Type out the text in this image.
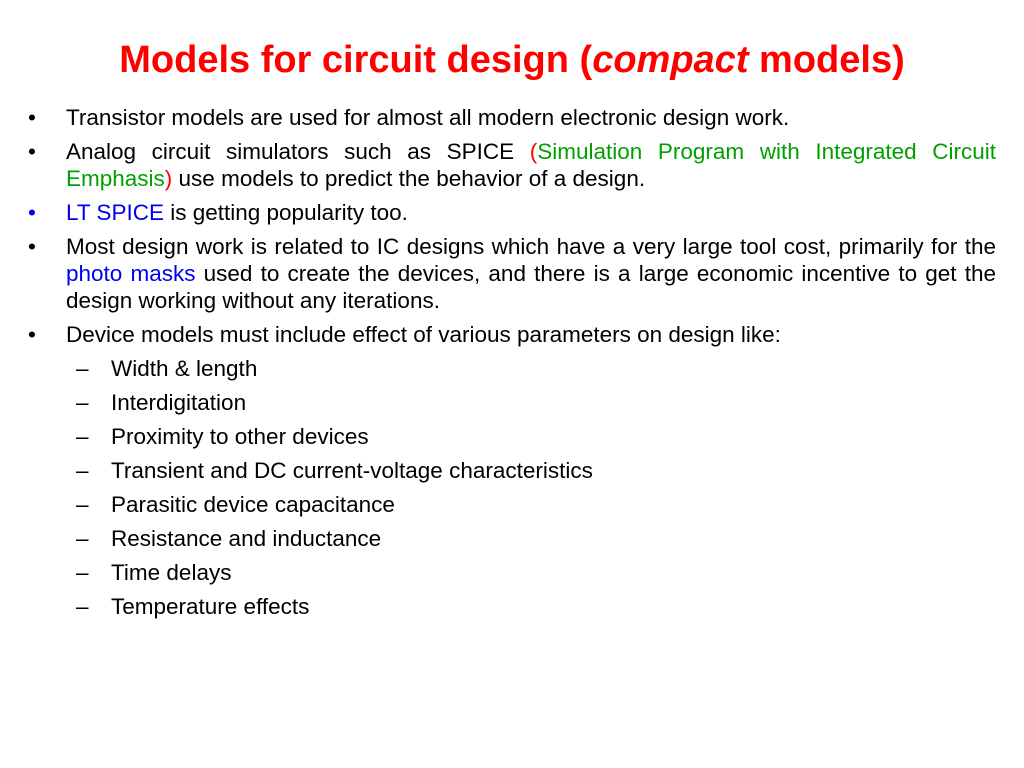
Models for circuit design (compact models)
•	Transistor models are used for almost all modern electronic design work.
•	Analog circuit simulators such as SPICE (Simulation Program with Integrated Circuit Emphasis) use models to predict the behavior of a design.
•	LT SPICE is getting popularity too.
•	Most design work is related to IC designs which have a very large tool cost, primarily for the photo masks used to create the devices, and there is a large economic incentive to get the design working without any iterations.
•	Device models must include effect of various parameters on design like:
– Width & length
– Interdigitation
– Proximity to other devices
– Transient and DC current-voltage characteristics
– Parasitic device capacitance
– Resistance and inductance
– Time delays
– Temperature effects
